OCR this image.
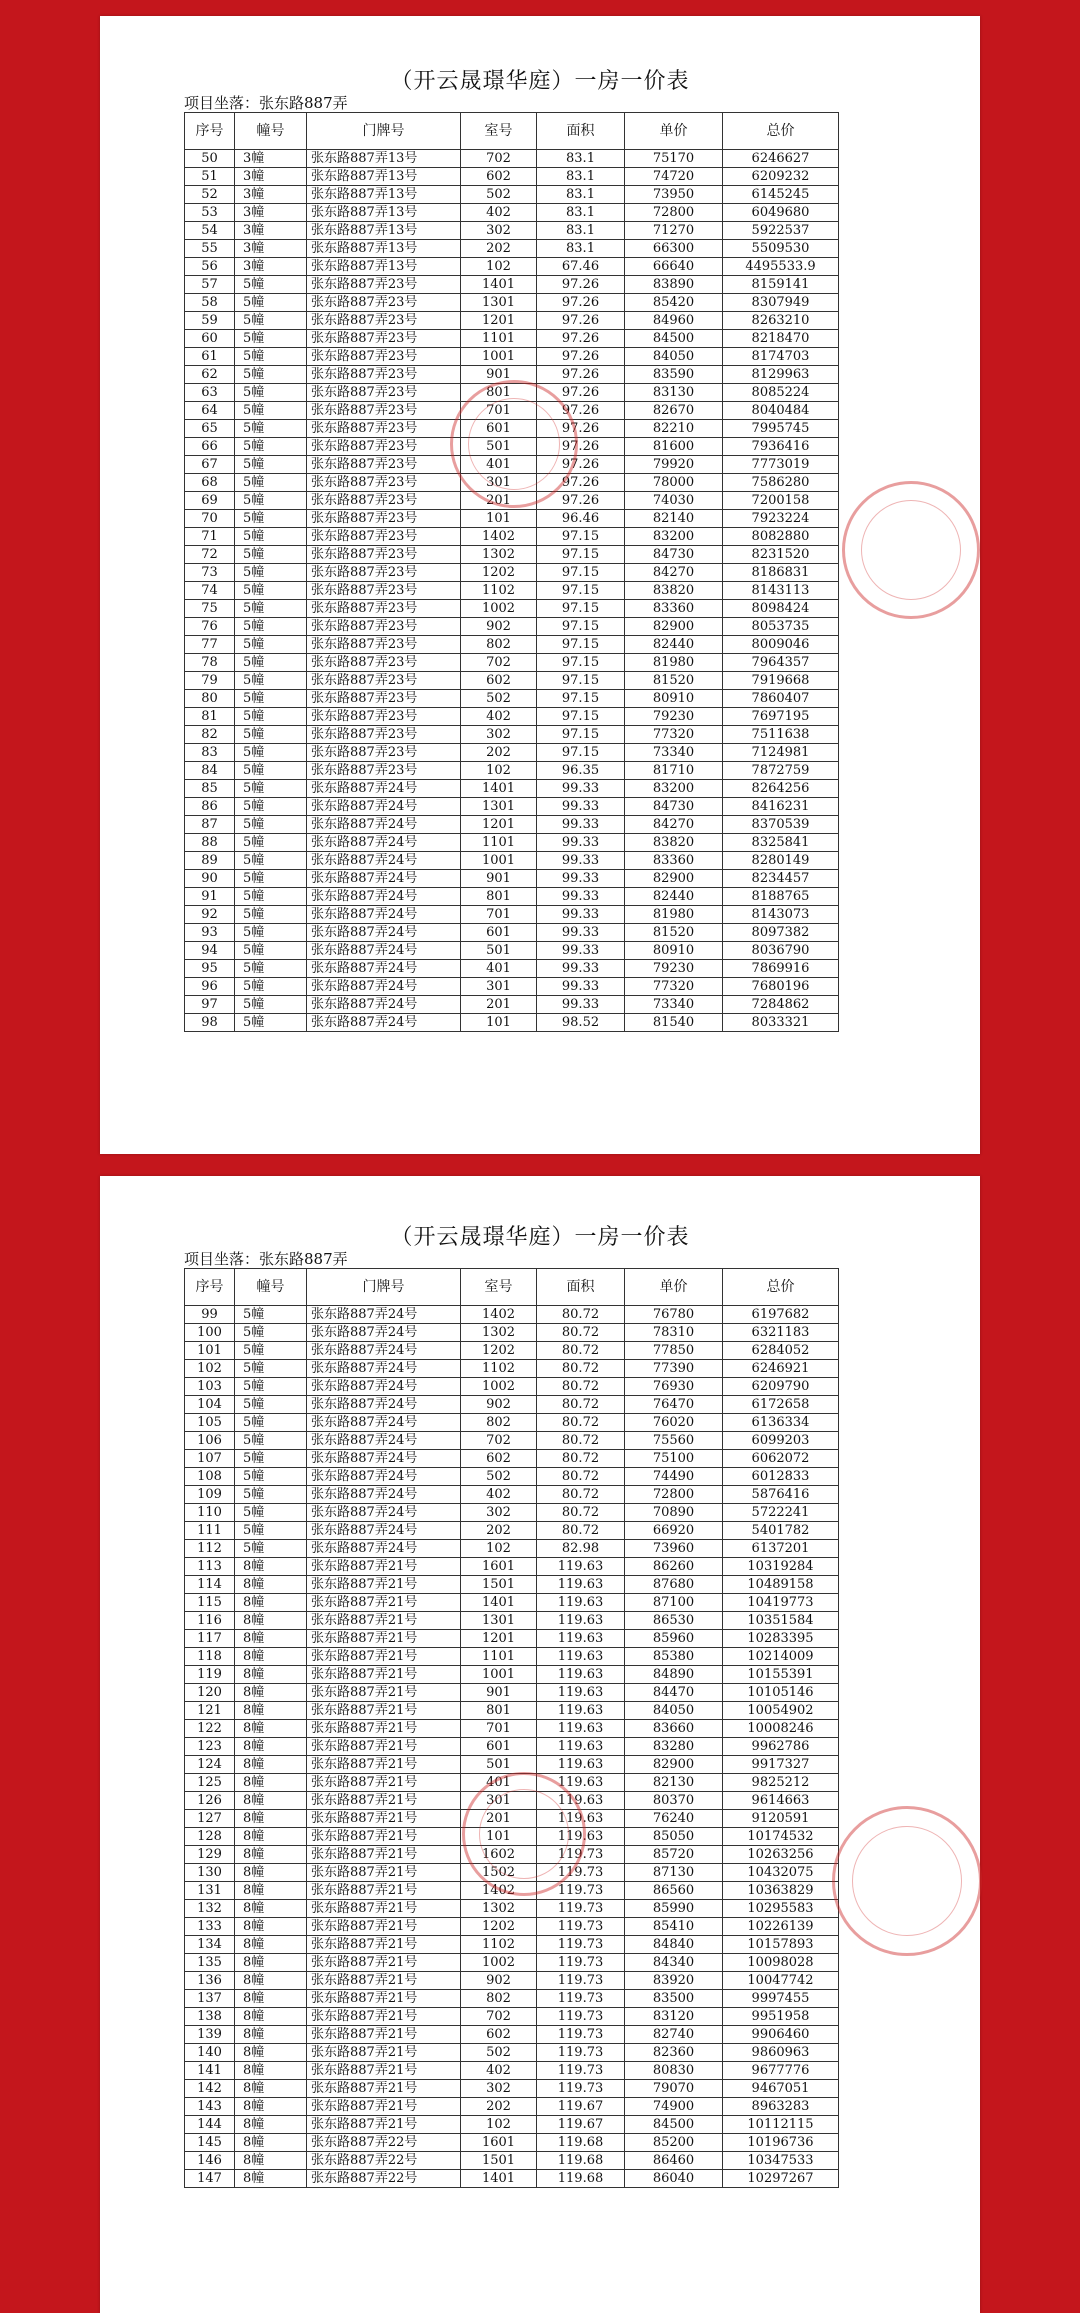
（开云晟璟华庭）一房一价表
项目坐落：张东路887弄
序号	幢号	门牌号	室号	面积	单价	总价
50	3幢	张东路887弄13号	702	83.1	75170	6246627
51	3幢	张东路887弄13号	602	83.1	74720	6209232
52	3幢	张东路887弄13号	502	83.1	73950	6145245
53	3幢	张东路887弄13号	402	83.1	72800	6049680
54	3幢	张东路887弄13号	302	83.1	71270	5922537
55	3幢	张东路887弄13号	202	83.1	66300	5509530
56	3幢	张东路887弄13号	102	67.46	66640	4495533.9
57	5幢	张东路887弄23号	1401	97.26	83890	8159141
58	5幢	张东路887弄23号	1301	97.26	85420	8307949
59	5幢	张东路887弄23号	1201	97.26	84960	8263210
60	5幢	张东路887弄23号	1101	97.26	84500	8218470
61	5幢	张东路887弄23号	1001	97.26	84050	8174703
62	5幢	张东路887弄23号	901	97.26	83590	8129963
63	5幢	张东路887弄23号	801	97.26	83130	8085224
64	5幢	张东路887弄23号	701	97.26	82670	8040484
65	5幢	张东路887弄23号	601	97.26	82210	7995745
66	5幢	张东路887弄23号	501	97.26	81600	7936416
67	5幢	张东路887弄23号	401	97.26	79920	7773019
68	5幢	张东路887弄23号	301	97.26	78000	7586280
69	5幢	张东路887弄23号	201	97.26	74030	7200158
70	5幢	张东路887弄23号	101	96.46	82140	7923224
71	5幢	张东路887弄23号	1402	97.15	83200	8082880
72	5幢	张东路887弄23号	1302	97.15	84730	8231520
73	5幢	张东路887弄23号	1202	97.15	84270	8186831
74	5幢	张东路887弄23号	1102	97.15	83820	8143113
75	5幢	张东路887弄23号	1002	97.15	83360	8098424
76	5幢	张东路887弄23号	902	97.15	82900	8053735
77	5幢	张东路887弄23号	802	97.15	82440	8009046
78	5幢	张东路887弄23号	702	97.15	81980	7964357
79	5幢	张东路887弄23号	602	97.15	81520	7919668
80	5幢	张东路887弄23号	502	97.15	80910	7860407
81	5幢	张东路887弄23号	402	97.15	79230	7697195
82	5幢	张东路887弄23号	302	97.15	77320	7511638
83	5幢	张东路887弄23号	202	97.15	73340	7124981
84	5幢	张东路887弄23号	102	96.35	81710	7872759
85	5幢	张东路887弄24号	1401	99.33	83200	8264256
86	5幢	张东路887弄24号	1301	99.33	84730	8416231
87	5幢	张东路887弄24号	1201	99.33	84270	8370539
88	5幢	张东路887弄24号	1101	99.33	83820	8325841
89	5幢	张东路887弄24号	1001	99.33	83360	8280149
90	5幢	张东路887弄24号	901	99.33	82900	8234457
91	5幢	张东路887弄24号	801	99.33	82440	8188765
92	5幢	张东路887弄24号	701	99.33	81980	8143073
93	5幢	张东路887弄24号	601	99.33	81520	8097382
94	5幢	张东路887弄24号	501	99.33	80910	8036790
95	5幢	张东路887弄24号	401	99.33	79230	7869916
96	5幢	张东路887弄24号	301	99.33	77320	7680196
97	5幢	张东路887弄24号	201	99.33	73340	7284862
98	5幢	张东路887弄24号	101	98.52	81540	8033321
（开云晟璟华庭）一房一价表
项目坐落：张东路887弄
序号	幢号	门牌号	室号	面积	单价	总价
99	5幢	张东路887弄24号	1402	80.72	76780	6197682
100	5幢	张东路887弄24号	1302	80.72	78310	6321183
101	5幢	张东路887弄24号	1202	80.72	77850	6284052
102	5幢	张东路887弄24号	1102	80.72	77390	6246921
103	5幢	张东路887弄24号	1002	80.72	76930	6209790
104	5幢	张东路887弄24号	902	80.72	76470	6172658
105	5幢	张东路887弄24号	802	80.72	76020	6136334
106	5幢	张东路887弄24号	702	80.72	75560	6099203
107	5幢	张东路887弄24号	602	80.72	75100	6062072
108	5幢	张东路887弄24号	502	80.72	74490	6012833
109	5幢	张东路887弄24号	402	80.72	72800	5876416
110	5幢	张东路887弄24号	302	80.72	70890	5722241
111	5幢	张东路887弄24号	202	80.72	66920	5401782
112	5幢	张东路887弄24号	102	82.98	73960	6137201
113	8幢	张东路887弄21号	1601	119.63	86260	10319284
114	8幢	张东路887弄21号	1501	119.63	87680	10489158
115	8幢	张东路887弄21号	1401	119.63	87100	10419773
116	8幢	张东路887弄21号	1301	119.63	86530	10351584
117	8幢	张东路887弄21号	1201	119.63	85960	10283395
118	8幢	张东路887弄21号	1101	119.63	85380	10214009
119	8幢	张东路887弄21号	1001	119.63	84890	10155391
120	8幢	张东路887弄21号	901	119.63	84470	10105146
121	8幢	张东路887弄21号	801	119.63	84050	10054902
122	8幢	张东路887弄21号	701	119.63	83660	10008246
123	8幢	张东路887弄21号	601	119.63	83280	9962786
124	8幢	张东路887弄21号	501	119.63	82900	9917327
125	8幢	张东路887弄21号	401	119.63	82130	9825212
126	8幢	张东路887弄21号	301	119.63	80370	9614663
127	8幢	张东路887弄21号	201	119.63	76240	9120591
128	8幢	张东路887弄21号	101	119.63	85050	10174532
129	8幢	张东路887弄21号	1602	119.73	85720	10263256
130	8幢	张东路887弄21号	1502	119.73	87130	10432075
131	8幢	张东路887弄21号	1402	119.73	86560	10363829
132	8幢	张东路887弄21号	1302	119.73	85990	10295583
133	8幢	张东路887弄21号	1202	119.73	85410	10226139
134	8幢	张东路887弄21号	1102	119.73	84840	10157893
135	8幢	张东路887弄21号	1002	119.73	84340	10098028
136	8幢	张东路887弄21号	902	119.73	83920	10047742
137	8幢	张东路887弄21号	802	119.73	83500	9997455
138	8幢	张东路887弄21号	702	119.73	83120	9951958
139	8幢	张东路887弄21号	602	119.73	82740	9906460
140	8幢	张东路887弄21号	502	119.73	82360	9860963
141	8幢	张东路887弄21号	402	119.73	80830	9677776
142	8幢	张东路887弄21号	302	119.73	79070	9467051
143	8幢	张东路887弄21号	202	119.67	74900	8963283
144	8幢	张东路887弄21号	102	119.67	84500	10112115
145	8幢	张东路887弄22号	1601	119.68	85200	10196736
146	8幢	张东路887弄22号	1501	119.68	86460	10347533
147	8幢	张东路887弄22号	1401	119.68	86040	10297267
